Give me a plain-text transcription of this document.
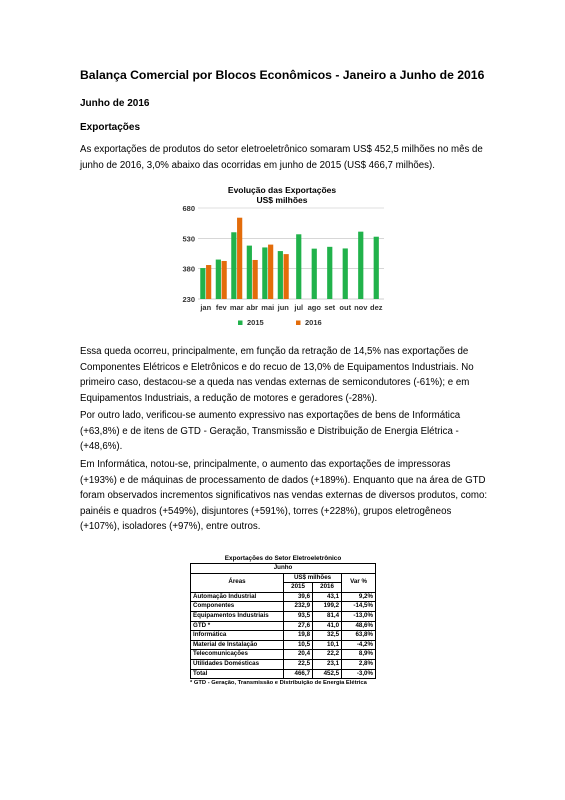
Balança Comercial por Blocos Econômicos - Janeiro a Junho de 2016
Junho de 2016
Exportações

As exportações de produtos do setor eletroeletrônico somaram US$ 452,5 milhões no mês de junho de 2016, 3,0% abaixo das ocorridas em junho de 2015 (US$ 466,7 milhões).

Evolução das Exportações
US$ milhões
230
380
530
680
jan fev mar abr mai jun jul ago set out nov dez
2015	2016

Essa queda ocorreu, principalmente, em função da retração de 14,5% nas exportações de Componentes Elétricos e Eletrônicos e do recuo de 13,0% de Equipamentos Industriais. No primeiro caso, destacou-se a queda nas vendas externas de semicondutores (-61%); e em Equipamentos Industriais, a redução de motores e geradores (-28%).

Por outro lado, verificou-se aumento expressivo nas exportações de bens de Informática (+63,8%) e de itens de GTD - Geração, Transmissão e Distribuição de Energia Elétrica - (+48,6%).

Em Informática, notou-se, principalmente, o aumento das exportações de impressoras (+193%) e de máquinas de processamento de dados (+189%). Enquanto que na área de GTD foram observados incrementos significativos nas vendas externas de diversos produtos, como: painéis e quadros (+549%), disjuntores (+591%), torres (+228%), grupos eletrogêneos (+107%), isoladores (+97%), entre outros.

Exportações do Setor Eletroeletrônico
Junho			
Áreas	US$ milhões		Var %
	2015	2016	
Automação Industrial	39,6	43,1	9,2%
Componentes	232,9	199,2	-14,5%
Equipamentos Industriais	93,5	81,4	-13,0%
GTD *	27,6	41,0	48,6%
Informática	19,8	32,5	63,8%
Material de Instalação	10,5	10,1	-4,2%
Telecomunicações	20,4	22,2	8,9%
Utilidades Domésticas	22,5	23,1	2,8%
Total	466,7	452,5	-3,0%
* GTD - Geração, Transmissão e Distribuição de Energia Elétrica
